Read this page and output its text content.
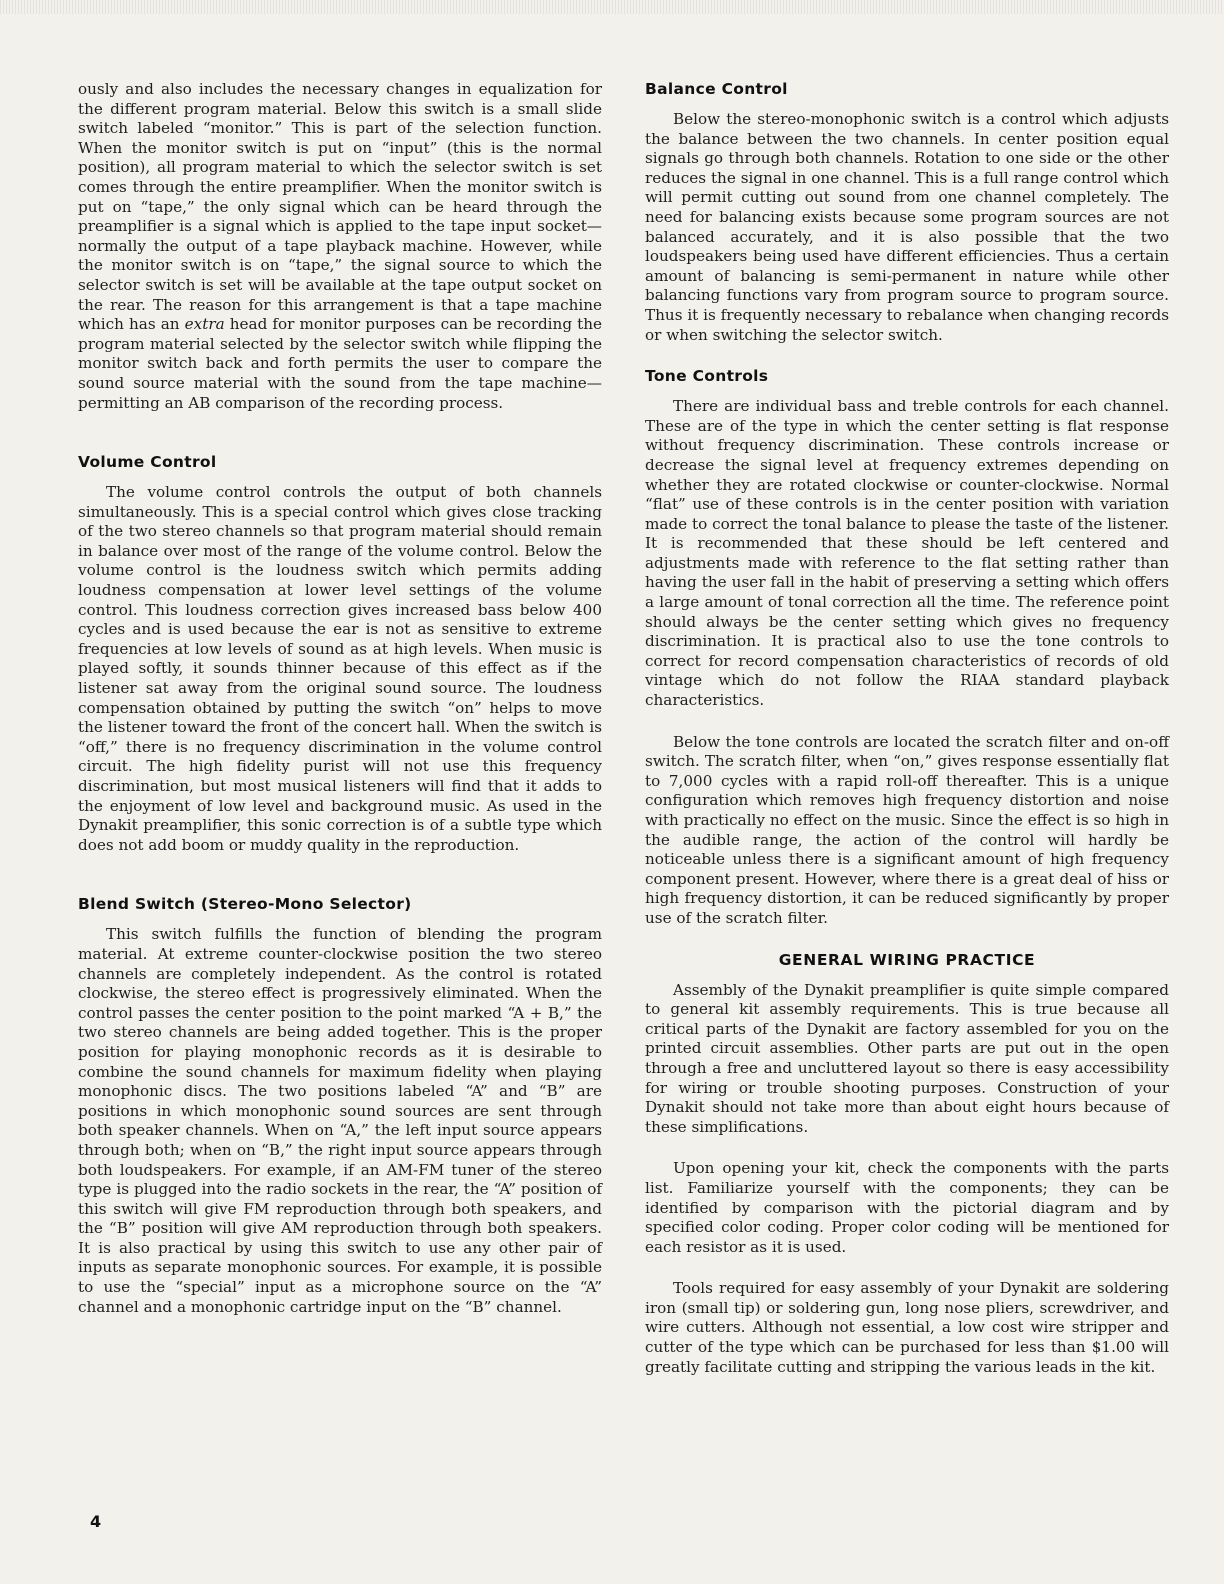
ously and also includes the necessary changes in equalization for the different program material. Below this switch is a small slide switch labeled “monitor.” This is part of the selection function. When the monitor switch is put on “input” (this is the normal position), all program material to which the selector switch is set comes through the entire preamplifier. When the monitor switch is put on “tape,” the only signal which can be heard through the preamplifier is a signal which is applied to the tape input socket—normally the output of a tape playback machine. However, while the monitor switch is on “tape,” the signal source to which the selector switch is set will be available at the tape output socket on the rear. The reason for this arrangement is that a tape machine which has an extra head for monitor purposes can be recording the program material selected by the selector switch while flipping the monitor switch back and forth permits the user to compare the sound source material with the sound from the tape machine—permitting an AB comparison of the recording process.

Volume Control

The volume control controls the output of both channels simultaneously. This is a special control which gives close tracking of the two stereo channels so that program material should remain in balance over most of the range of the volume control. Below the volume control is the loudness switch which permits adding loudness compensation at lower level settings of the volume control. This loudness correction gives increased bass below 400 cycles and is used because the ear is not as sensitive to extreme frequencies at low levels of sound as at high levels. When music is played softly, it sounds thinner because of this effect as if the listener sat away from the original sound source. The loudness compensation obtained by putting the switch “on” helps to move the listener toward the front of the concert hall. When the switch is “off,” there is no frequency discrimination in the volume control circuit. The high fidelity purist will not use this frequency discrimination, but most musical listeners will find that it adds to the enjoyment of low level and background music. As used in the Dynakit preamplifier, this sonic correction is of a subtle type which does not add boom or muddy quality in the reproduction.

Blend Switch (Stereo-Mono Selector)

This switch fulfills the function of blending the program material. At extreme counter-clockwise position the two stereo channels are completely independent. As the control is rotated clockwise, the stereo effect is progressively eliminated. When the control passes the center position to the point marked “A + B,” the two stereo channels are being added together. This is the proper position for playing monophonic records as it is desirable to combine the sound channels for maximum fidelity when playing monophonic discs. The two positions labeled “A” and “B” are positions in which monophonic sound sources are sent through both speaker channels. When on “A,” the left input source appears through both; when on “B,” the right input source appears through both loudspeakers. For example, if an AM-FM tuner of the stereo type is plugged into the radio sockets in the rear, the “A” position of this switch will give FM reproduction through both speakers, and the “B” position will give AM reproduction through both speakers. It is also practical by using this switch to use any other pair of inputs as separate monophonic sources. For example, it is possible to use the “special” input as a microphone source on the “A” channel and a monophonic cartridge input on the “B” channel.

Balance Control

Below the stereo-monophonic switch is a control which adjusts the balance between the two channels. In center position equal signals go through both channels. Rotation to one side or the other reduces the signal in one channel. This is a full range control which will permit cutting out sound from one channel completely. The need for balancing exists because some program sources are not balanced accurately, and it is also possible that the two loudspeakers being used have different efficiencies. Thus a certain amount of balancing is semi-permanent in nature while other balancing functions vary from program source to program source. Thus it is frequently necessary to rebalance when changing records or when switching the selector switch.

Tone Controls

There are individual bass and treble controls for each channel. These are of the type in which the center setting is flat response without frequency discrimination. These controls increase or decrease the signal level at frequency extremes depending on whether they are rotated clockwise or counter-clockwise. Normal “flat” use of these controls is in the center position with variation made to correct the tonal balance to please the taste of the listener. It is recommended that these should be left centered and adjustments made with reference to the flat setting rather than having the user fall in the habit of preserving a setting which offers a large amount of tonal correction all the time. The reference point should always be the center setting which gives no frequency discrimination. It is practical also to use the tone controls to correct for record compensation characteristics of records of old vintage which do not follow the RIAA standard playback characteristics.

Below the tone controls are located the scratch filter and on-off switch. The scratch filter, when “on,” gives response essentially flat to 7,000 cycles with a rapid roll-off thereafter. This is a unique configuration which removes high frequency distortion and noise with practically no effect on the music. Since the effect is so high in the audible range, the action of the control will hardly be noticeable unless there is a significant amount of high frequency component present. However, where there is a great deal of hiss or high frequency distortion, it can be reduced significantly by proper use of the scratch filter.

GENERAL WIRING PRACTICE

Assembly of the Dynakit preamplifier is quite simple compared to general kit assembly requirements. This is true because all critical parts of the Dynakit are factory assembled for you on the printed circuit assemblies. Other parts are put out in the open through a free and uncluttered layout so there is easy accessibility for wiring or trouble shooting purposes. Construction of your Dynakit should not take more than about eight hours because of these simplifications.

Upon opening your kit, check the components with the parts list. Familiarize yourself with the components; they can be identified by comparison with the pictorial diagram and by specified color coding. Proper color coding will be mentioned for each resistor as it is used.

Tools required for easy assembly of your Dynakit are soldering iron (small tip) or soldering gun, long nose pliers, screwdriver, and wire cutters. Although not essential, a low cost wire stripper and cutter of the type which can be purchased for less than $1.00 will greatly facilitate cutting and stripping the various leads in the kit.

4
